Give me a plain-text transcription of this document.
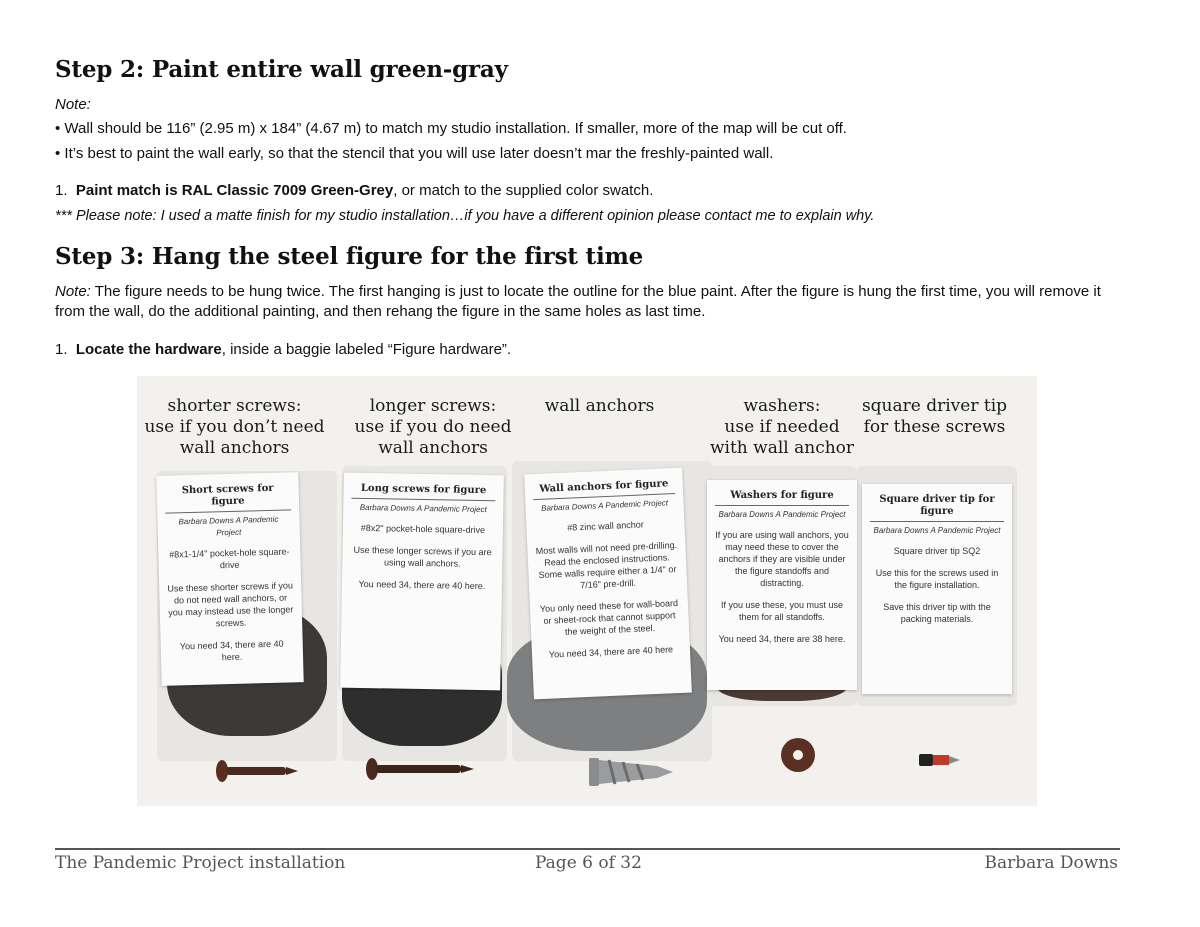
Step 2: Paint entire wall green-gray

Note:

• Wall should be 116” (2.95 m) x 184” (4.67 m) to match my studio installation. If smaller, more of the map will be cut off.

• It’s best to paint the wall early, so that the stencil that you will use later doesn’t mar the freshly-painted wall.

1. Paint match is RAL Classic 7009 Green-Grey, or match to the supplied color swatch.

*** Please note: I used a matte finish for my studio installation…if you have a different opinion please contact me to explain why.

Step 3: Hang the steel figure for the first time

Note: The figure needs to be hung twice. The first hanging is just to locate the outline for the blue paint. After the figure is hung the first time, you will remove it from the wall, do the additional painting, and then rehang the figure in the same holes as last time.

1. Locate the hardware, inside a baggie labeled “Figure hardware”.

shorter screws:
use if you don’t need
wall anchors
longer screws:
use if you do need
wall anchors
wall anchors	washers:
use if needed
with wall anchor
square driver tip
for these screws
Short screws for figure
Barbara Downs A Pandemic Project
#8x1-1/4" pocket-hole square-drive
Use these shorter screws if you do not need wall anchors, or you may instead use the longer screws.
You need 34, there are 40 here.
Long screws for figure
Barbara Downs A Pandemic Project
#8x2" pocket-hole square-drive
Use these longer screws if you are using wall anchors.
You need 34, there are 40 here.
Wall anchors for figure
Barbara Downs A Pandemic Project
#8 zinc wall anchor
Most walls will not need pre-drilling. Read the enclosed instructions. Some walls require either a 1/4" or 7/16" pre-drill.
You only need these for wall-board or sheet-rock that cannot support the weight of the steel.
You need 34, there are 40 here
Washers for figure
Barbara Downs A Pandemic Project
If you are using wall anchors, you may need these to cover the anchors if they are visible under the figure standoffs and distracting.
If you use these, you must use them for all standoffs.
You need 34, there are 38 here.
Square driver tip for figure
Barbara Downs A Pandemic Project
Square driver tip SQ2
Use this for the screws used in the figure installation.
Save this driver tip with the packing materials.
The Pandemic Project installation	Page 6 of 32	Barbara Downs
